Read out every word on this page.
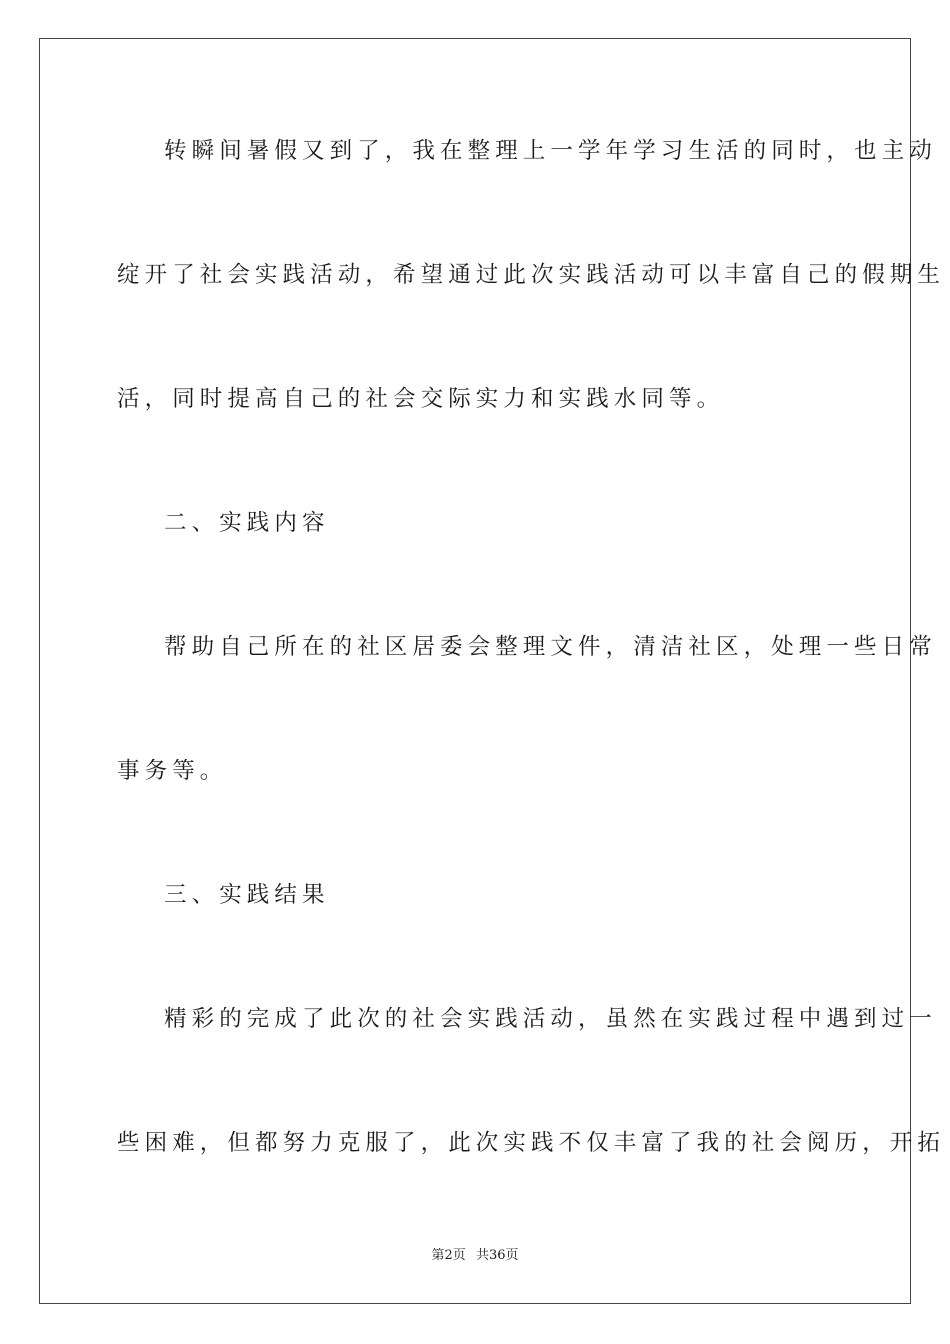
转瞬间暑假又到了，我在整理上一学年学习生活的同时，也主动
绽开了社会实践活动，希望通过此次实践活动可以丰富自己的假期生
活，同时提高自己的社会交际实力和实践水同等。
二、实践内容
帮助自己所在的社区居委会整理文件，清洁社区，处理一些日常
事务等。
三、实践结果
精彩的完成了此次的社会实践活动，虽然在实践过程中遇到过一
些困难，但都努力克服了，此次实践不仅丰富了我的社会阅历，开拓
第2页 共36页
